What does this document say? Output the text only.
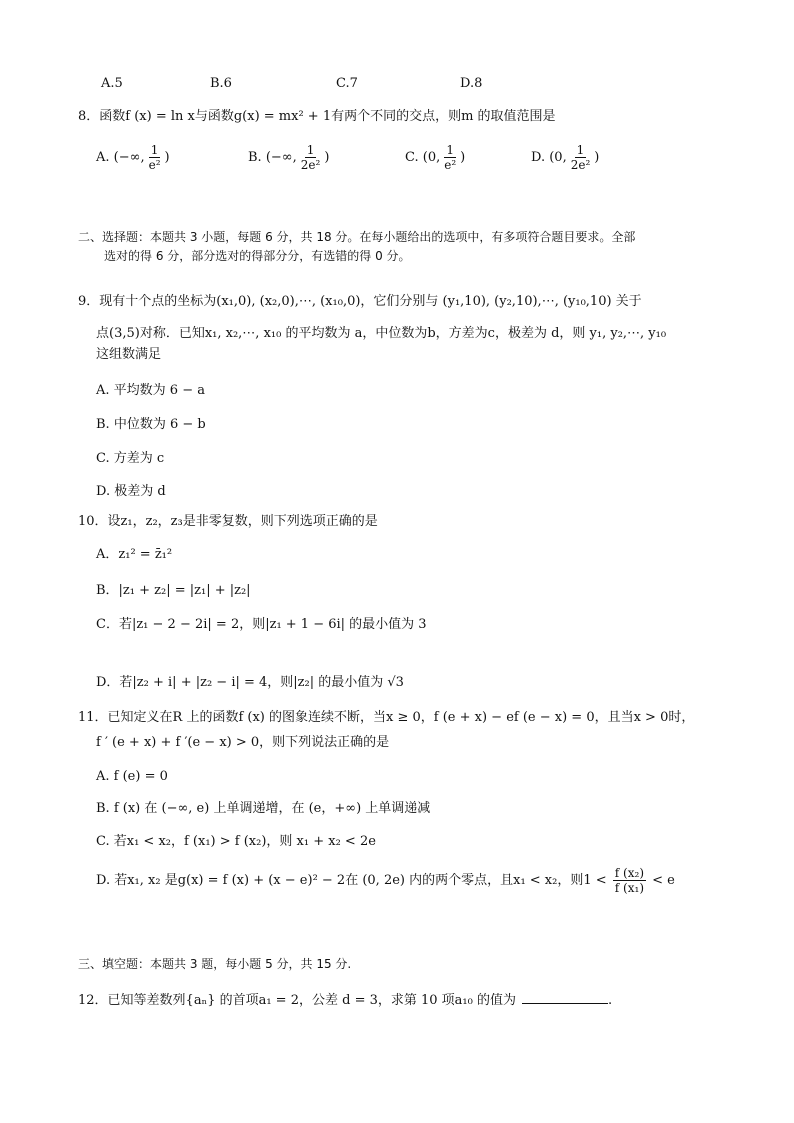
A.5	B.6	C.7	D.8
8．函数f (x) = ln x与函数g(x) = mx² + 1有两个不同的交点，则m 的取值范围是
A. (−∞, $\frac{1}{\text{e²}}$ )	B. (−∞, $\frac{1}{\text{2e²}}$ )	C. (0, $\frac{1}{\text{e²}}$ )	D. (0, $\frac{1}{\text{2e²}}$ )
二、选择题：本题共 3 小题，每题 6 分，共 18 分。在每小题给出的选项中，有多项符合题目要求。全部
选对的得 6 分，部分选对的得部分分，有选错的得 0 分。
9．现有十个点的坐标为(x₁,0), (x₂,0),⋯, (x₁₀,0)，它们分别与 (y₁,10), (y₂,10),⋯, (y₁₀,10) 关于
点(3,5)对称．已知x₁, x₂,⋯, x₁₀ 的平均数为 a，中位数为b，方差为c，极差为 d，则 y₁, y₂,⋯, y₁₀
这组数满足
A. 平均数为 6 − a
B. 中位数为 6 − b
C. 方差为 c
D. 极差为 d
10．设z₁，z₂，z₃是非零复数，则下列选项正确的是
A．z₁² = z̄₁²
B．|z₁ + z₂| = |z₁| + |z₂|
C．若|z₁ − 2 − 2i| = 2，则|z₁ + 1 − 6i| 的最小值为 3
D．若|z₂ + i| + |z₂ − i| = 4，则|z₂| 的最小值为 √3
11．已知定义在R 上的函数f (x) 的图象连续不断，当x ≥ 0，f (e + x) − ef (e − x) = 0，且当x > 0时，
f ′ (e + x) + f ′(e − x) > 0，则下列说法正确的是
A. f (e) = 0
B. f (x) 在 (−∞, e) 上单调递增，在 (e，+∞) 上单调递减
C. 若x₁ < x₂，f (x₁) > f (x₂)，则 x₁ + x₂ < 2e
D. 若x₁, x₂ 是g(x) = f (x) + (x − e)² − 2在 (0, 2e) 内的两个零点，且x₁ < x₂，则$1 < \frac{\text{f (x₂)}}{\text{f (x₁)}} < e$
三、填空题：本题共 3 题，每小题 5 分，共 15 分.
12．已知等差数列{aₙ} 的首项a₁ = 2，公差 d = 3，求第 10 项a₁₀ 的值为	.
